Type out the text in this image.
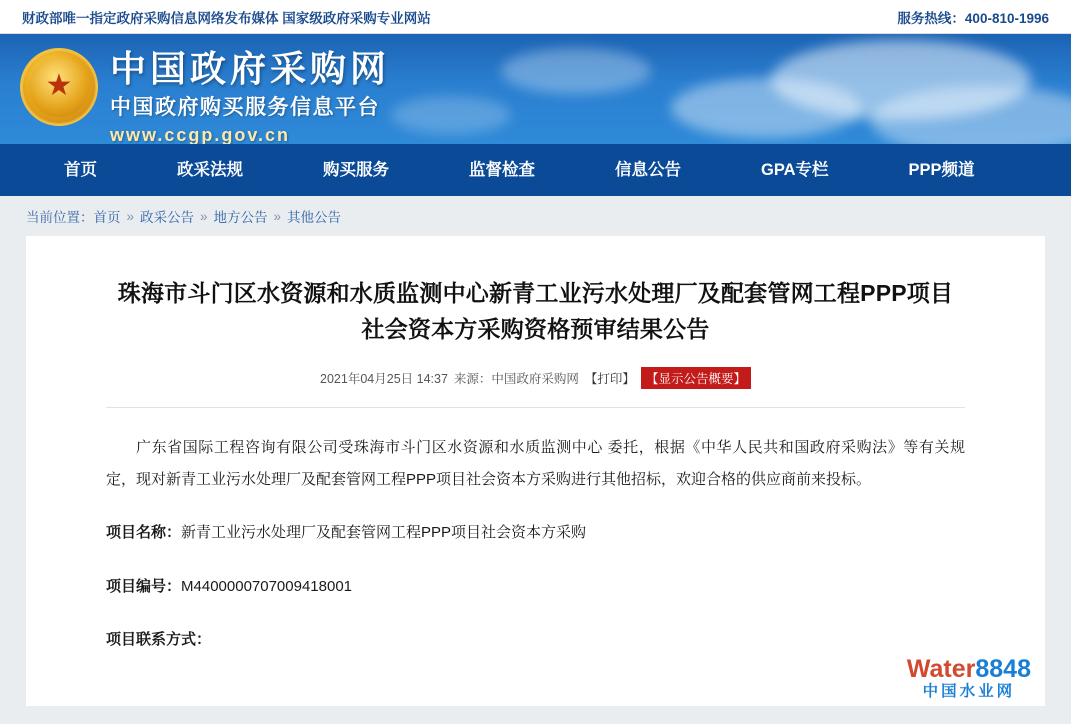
财政部唯一指定政府采购信息网络发布媒体 国家级政府采购专业网站	服务热线：400-810-1996
★
中国政府采购网
中国政府购买服务信息平台
www.ccgp.gov.cn
首页	政采法规	购买服务	监督检查	信息公告	GPA专栏	PPP频道
当前位置： 首页 » 政采公告 » 地方公告 » 其他公告
珠海市斗门区水资源和水质监测中心新青工业污水处理厂及配套管网工程PPP项目
社会资本方采购资格预审结果公告
2021年04月25日 14:37 来源：中国政府采购网 【打印】 【显示公告概要】
广东省国际工程咨询有限公司受珠海市斗门区水资源和水质监测中心 委托，根据《中华人民共和国政府采购法》等有关规定，现对新青工业污水处理厂及配套管网工程PPP项目社会资本方采购进行其他招标，欢迎合格的供应商前来投标。
项目名称：新青工业污水处理厂及配套管网工程PPP项目社会资本方采购
项目编号：M4400000707009418001
项目联系方式：
Water8848
中国水业网
